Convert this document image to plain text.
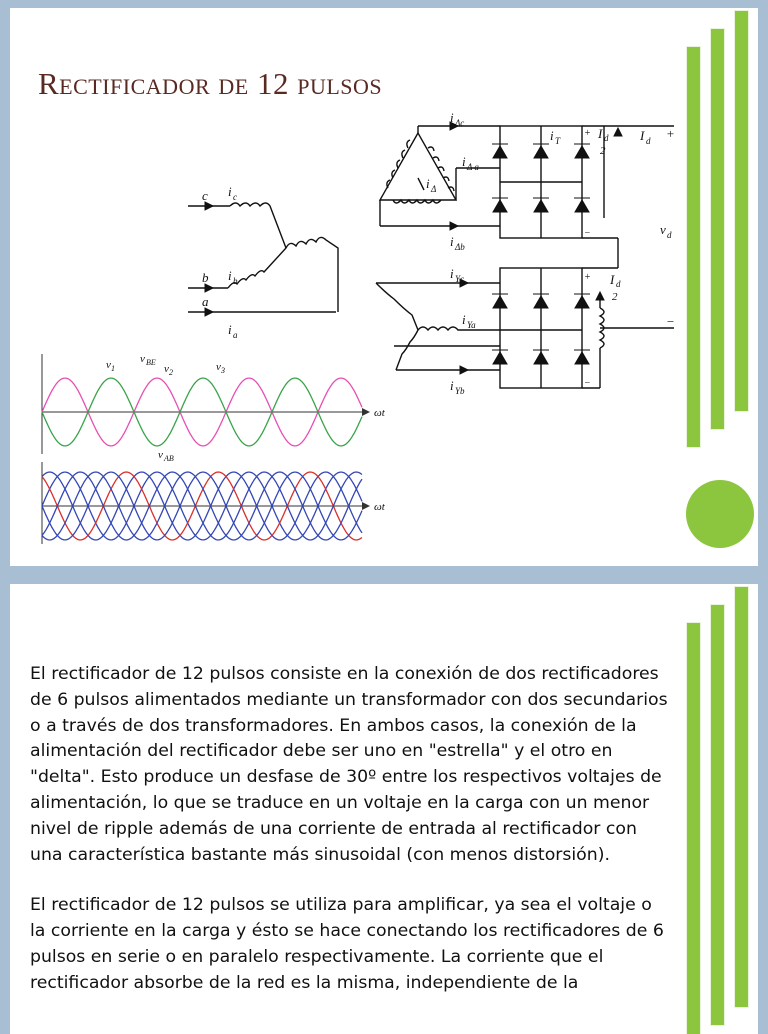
Rectificador de 12 pulsos
c
b
a
i c
i b
i a
i Δc
i Δ a
i Δ
i Δb
i Yc
i Ya
i Yb
i T	I d
2
I d
2
I d
v d
+
−
+
−
+
−
v 1
v BE
v 2	v 3
v AB
ωt
ωt

El rectificador de 12 pulsos consiste en la conexión de dos rectificadores de 6 pulsos alimentados mediante un transformador con dos secundarios o a través de dos transformadores. En ambos casos, la conexión de la alimentación del rectificador debe ser uno en "estrella" y el otro en "delta". Esto produce un desfase de 30º entre los respectivos voltajes de alimentación, lo que se traduce en un voltaje en la carga con un menor nivel de ripple además de una corriente de entrada al rectificador con una característica bastante más sinusoidal (con menos distorsión).

El rectificador de 12 pulsos se utiliza para amplificar, ya sea el voltaje o la corriente en la carga y ésto se hace conectando los rectificadores de 6 pulsos en serie o en paralelo respectivamente. La corriente que el rectificador absorbe de la red es la misma, independiente de la
